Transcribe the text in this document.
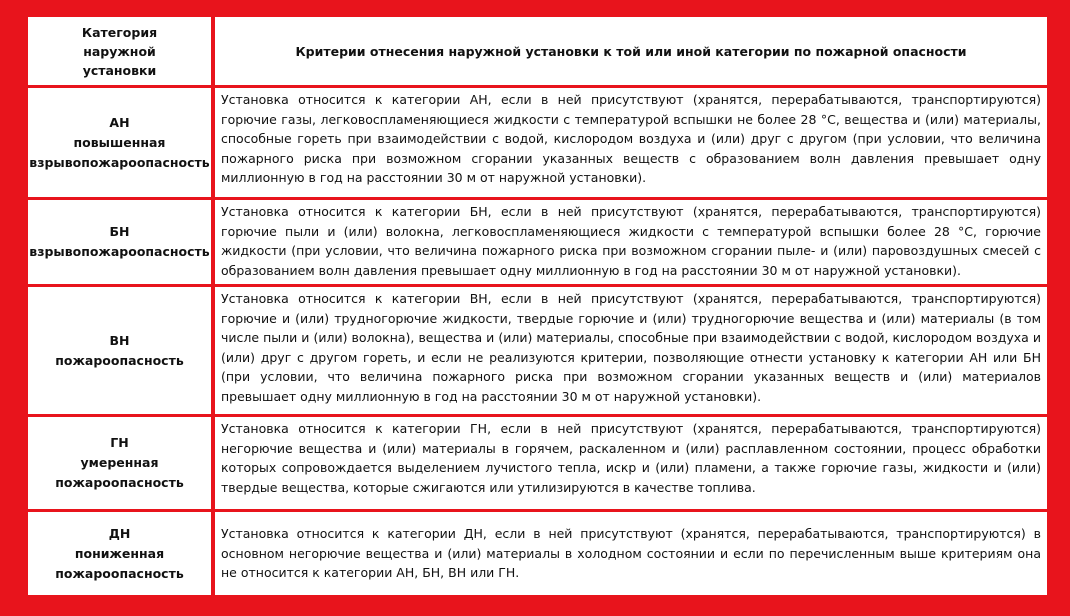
Категория наружной установки
Критерии отнесения наружной установки к той или иной категории по пожарной опасности
АН
повышенная
взрывопожароопасность
Установка относится к категории АН, если в ней присутствуют (хранятся, перерабатываются, транспортируются) горючие газы, легковоспламеняющиеся жидкости с температурой вспышки не более 28 °С, вещества и (или) материалы, способные гореть при взаимодействии с водой, кислородом воздуха и (или) друг с другом (при условии, что величина пожарного риска при возможном сгорании указанных веществ с образованием волн давления превышает одну миллионную в год на расстоянии 30 м от наружной установки).
БН
взрывопожароопасность
Установка относится к категории БН, если в ней присутствуют (хранятся, перерабатываются, транспортируются) горючие пыли и (или) волокна, легковоспламеняющиеся жидкости с температурой вспышки более 28 °С, горючие жидкости (при условии, что величина пожарного риска при возможном сгорании пыле- и (или) паровоздушных смесей с образованием волн давления превышает одну миллионную в год на расстоянии 30 м от наружной установки).
ВН
пожароопасность
Установка относится к категории ВН, если в ней присутствуют (хранятся, перерабатываются, транспортируются) горючие и (или) трудногорючие жидкости, твердые горючие и (или) трудногорючие вещества и (или) материалы (в том числе пыли и (или) волокна), вещества и (или) материалы, способные при взаимодействии с водой, кислородом воздуха и (или) друг с другом гореть, и если не реализуются критерии, позволяющие отнести установку к категории АН или БН (при условии, что величина пожарного риска при возможном сгорании указанных веществ и (или) материалов превышает одну миллионную в год на расстоянии 30 м от наружной установки).
ГН
умеренная
пожароопасность
Установка относится к категории ГН, если в ней присутствуют (хранятся, перерабатываются, транспортируются) негорючие вещества и (или) материалы в горячем, раскаленном и (или) расплавленном состоянии, процесс обработки которых сопровождается выделением лучистого тепла, искр и (или) пламени, а также горючие газы, жидкости и (или) твердые вещества, которые сжигаются или утилизируются в качестве топлива.
ДН
пониженная
пожароопасность
Установка относится к категории ДН, если в ней присутствуют (хранятся, перерабатываются, транспортируются) в основном негорючие вещества и (или) материалы в холодном состоянии и если по перечисленным выше критериям она не относится к категории АН, БН, ВН или ГН.
